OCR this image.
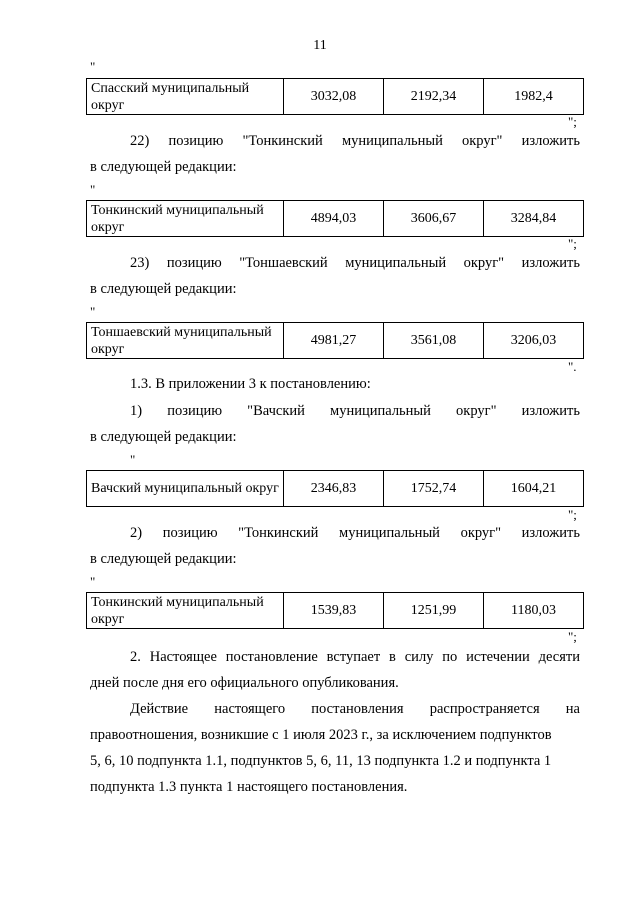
11
"
Спасский муниципальный округ	3032,08	2192,34	1982,4
";
22) позицию "Тонкинский муниципальный округ" изложить
в следующей редакции:
"
Тонкинский муниципальный округ	4894,03	3606,67	3284,84
";
23) позицию "Тоншаевский муниципальный округ" изложить
в следующей редакции:
"
Тоншаевский муниципальный округ	4981,27	3561,08	3206,03
".
1.3. В приложении 3 к постановлению:
1) позицию "Вачский муниципальный округ" изложить
в следующей редакции:
"
Вачский муниципальный округ	2346,83	1752,74	1604,21
";
2) позицию "Тонкинский муниципальный округ" изложить
в следующей редакции:
"
Тонкинский муниципальный округ	1539,83	1251,99	1180,03
";
2. Настоящее постановление вступает в силу по истечении десяти
дней после дня его официального опубликования.
Действие настоящего постановления распространяется на
правоотношения, возникшие с 1 июля 2023 г., за исключением подпунктов
5, 6, 10 подпункта 1.1, подпунктов 5, 6, 11, 13 подпункта 1.2 и подпункта 1
подпункта 1.3 пункта 1 настоящего постановления.
